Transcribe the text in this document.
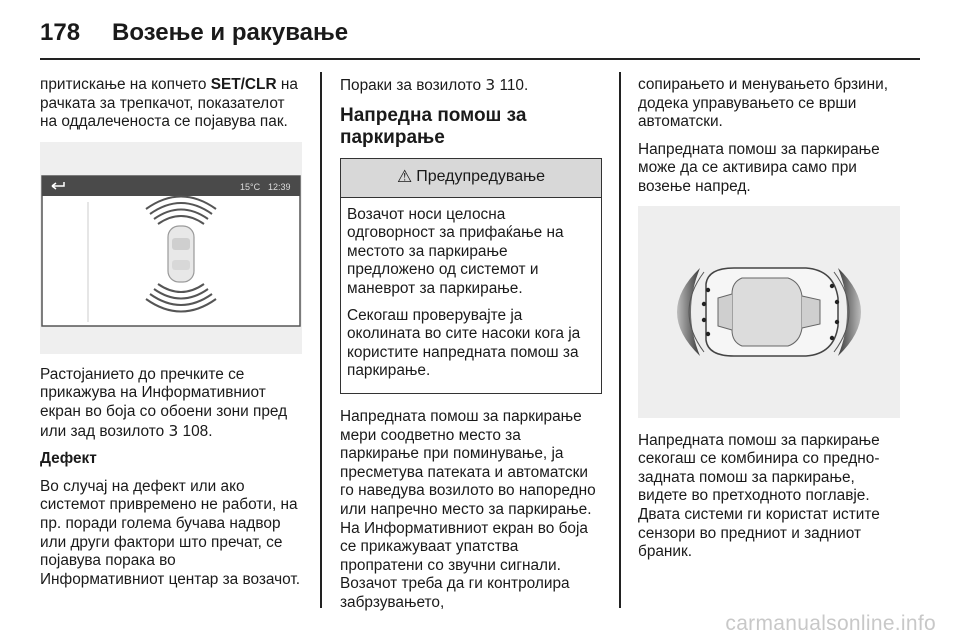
178	Возење и ракување

притискање на копчето SET/CLR на рачката за трепкачот, показателот на оддалеченоста се појавува пак.

15°C 12:39

Растојанието до пречките се прикажува на Информативниот екран во боја со обоени зони пред или зад возилото 3 108.

Дефект

Во случај на дефект или ако системот привремено не работи, на пр. поради голема бучава надвор или други фактори што пречат, се појавува порака во Информативниот центар за возачот.

Пораки за возилото 3 110.

Напредна помош за паркирање

⚠ Предупредување

Возачот носи целосна одговорност за прифаќање на местото за паркирање предложено од системот и маневрот за паркирање.

Секогаш проверувајте ја околината во сите насоки кога ја користите напредната помош за паркирање.

Напредната помош за паркирање мери соодветно место за паркирање при поминување, ја пресметува патеката и автоматски го наведува возилото во напоредно или напречно место за паркирање. На Информативниот екран во боја се прикажуваат упатства пропратени со звучни сигнали. Возачот треба да ги контролира забрзувањето,

сопирањето и менувањето брзини, додека управувањето се врши автоматски.

Напредната помош за паркирање може да се активира само при возење напред.

Напредната помош за паркирање секогаш се комбинира со предно-задната помош за паркирање, видете во претходното поглавје. Двата системи ги користат истите сензори во предниот и задниот браник.

carmanualsonline.info
